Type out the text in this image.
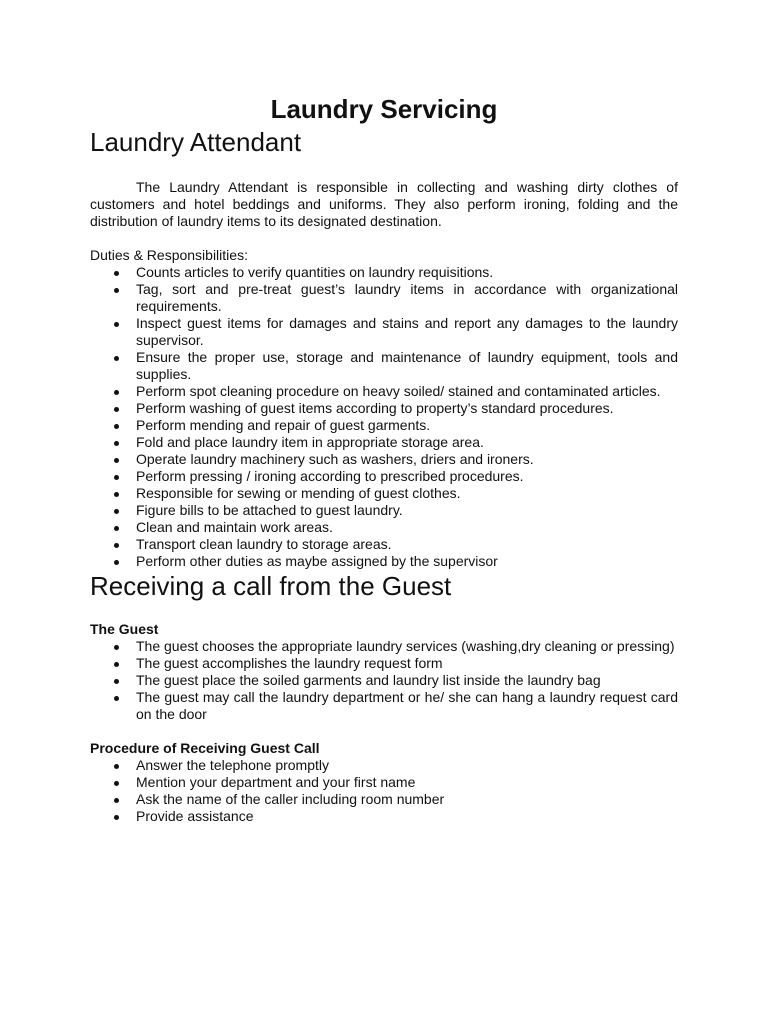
Laundry Servicing
Laundry Attendant

The Laundry Attendant is responsible in collecting and washing dirty clothes of customers and hotel beddings and uniforms. They also perform ironing, folding and the distribution of laundry items to its designated destination.

Duties & Responsibilities:

Counts articles to verify quantities on laundry requisitions.
Tag, sort and pre-treat guest’s laundry items in accordance with organizational requirements.
Inspect guest items for damages and stains and report any damages to the laundry supervisor.
Ensure the proper use, storage and maintenance of laundry equipment, tools and supplies.
Perform spot cleaning procedure on heavy soiled/ stained and contaminated articles.
Perform washing of guest items according to property’s standard procedures.
Perform mending and repair of guest garments.
Fold and place laundry item in appropriate storage area.
Operate laundry machinery such as washers, driers and ironers.
Perform pressing / ironing according to prescribed procedures.
Responsible for sewing or mending of guest clothes.
Figure bills to be attached to guest laundry.
Clean and maintain work areas.
Transport clean laundry to storage areas.
Perform other duties as maybe assigned by the supervisor
Receiving a call from the Guest

The Guest

The guest chooses the appropriate laundry services (washing,dry cleaning or pressing)
The guest accomplishes the laundry request form
The guest place the soiled garments and laundry list inside the laundry bag
The guest may call the laundry department or he/ she can hang a laundry request card on the door

Procedure of Receiving Guest Call

Answer the telephone promptly
Mention your department and your first name
Ask the name of the caller including room number
Provide assistance
